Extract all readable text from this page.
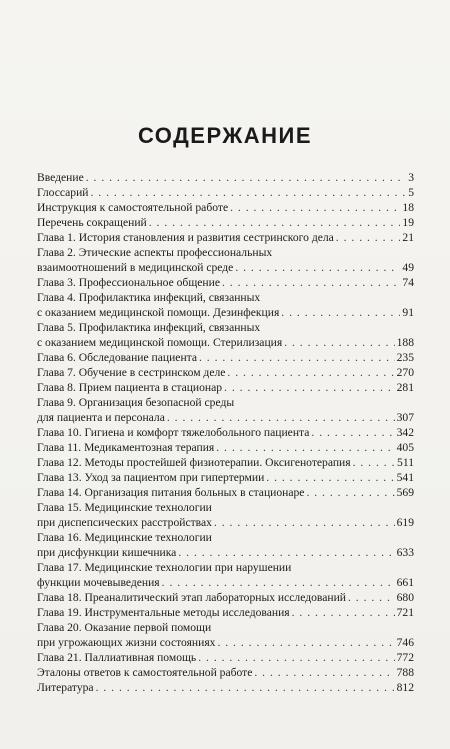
СОДЕРЖАНИЕ
Введение . . .	3
Глоссарий . . .	5
Инструкция к самостоятельной работе . . .	18
Перечень сокращений . . .	19
Глава 1. История становления и развития сестринского дела . . .	21
Глава 2. Этические аспекты профессиональных
взаимоотношений в медицинской среде . . .	49
Глава 3. Профессиональное общение . . .	74
Глава 4. Профилактика инфекций, связанных
с оказанием медицинской помощи. Дезинфекция . . .	91
Глава 5. Профилактика инфекций, связанных
с оказанием медицинской помощи. Стерилизация . . .	188
Глава 6. Обследование пациента . . .	235
Глава 7. Обучение в сестринском деле . . .	270
Глава 8. Прием пациента в стационар . . .	281
Глава 9. Организация безопасной среды
для пациента и персонала . . .	307
Глава 10. Гигиена и комфорт тяжелобольного пациента . . .	342
Глава 11. Медикаментозная терапия . . .	405
Глава 12. Методы простейшей физиотерапии. Оксигенотерапия . . .	511
Глава 13. Уход за пациентом при гипертермии . . .	541
Глава 14. Организация питания больных в стационаре . . .	569
Глава 15. Медицинские технологии
при диспепсических расстройствах . . .	619
Глава 16. Медицинские технологии
при дисфункции кишечника . . .	633
Глава 17. Медицинские технологии при нарушении
функции мочевыведения . . .	661
Глава 18. Преаналитический этап лабораторных исследований . . .	680
Глава 19. Инструментальные методы исследования . . .	721
Глава 20. Оказание первой помощи
при угрожающих жизни состояниях . . .	746
Глава 21. Паллиативная помощь . . .	772
Эталоны ответов к самостоятельной работе . . .	788
Литература . . .	812
